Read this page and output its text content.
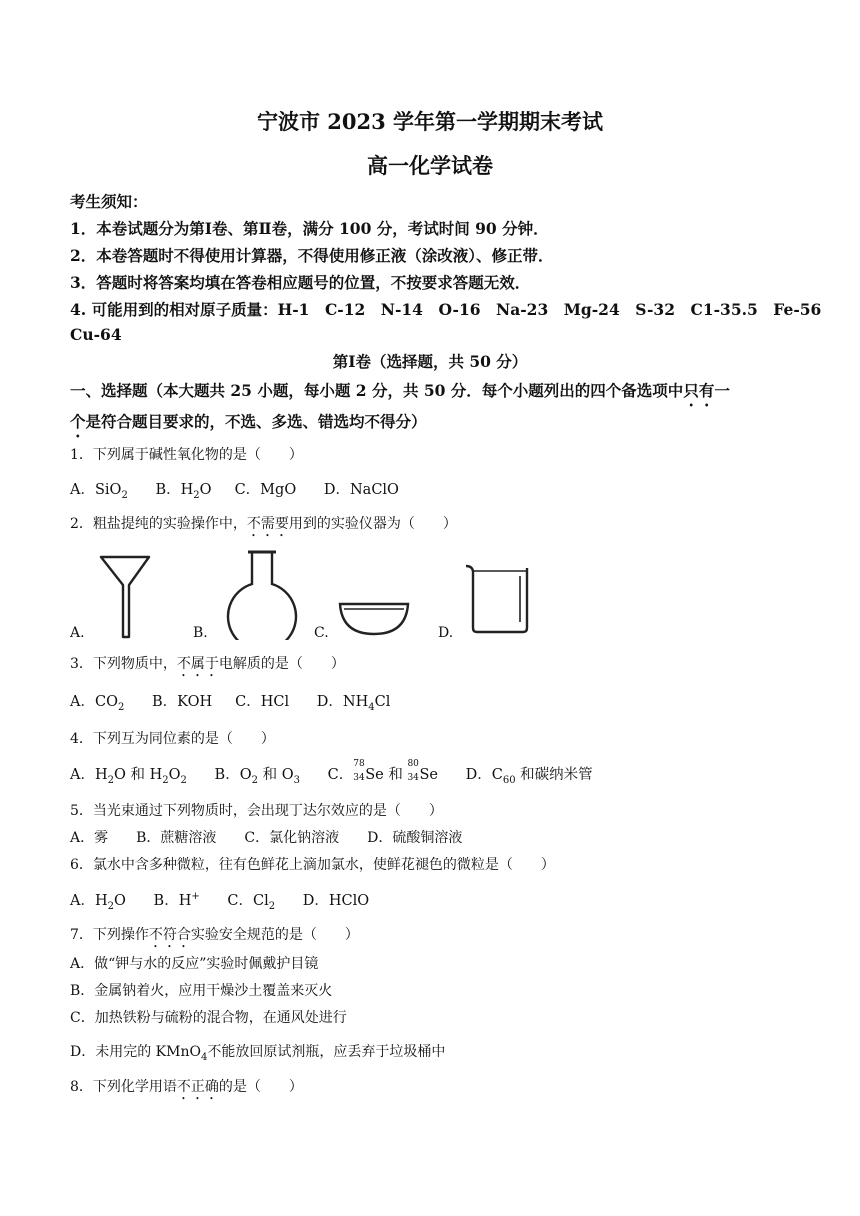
宁波市 2023 学年第一学期期末考试
高一化学试卷
考生须知：
1．本卷试题分为第Ⅰ卷、第Ⅱ卷，满分 100 分，考试时间 90 分钟．
2．本卷答题时不得使用计算器，不得使用修正液（涂改液）、修正带．
3．答题时将答案均填在答卷相应题号的位置，不按要求答题无效．
4. 可能用到的相对原子质量：H-1　C-12　N-14　O-16　Na-23　Mg-24　S-32　C1-35.5　Fe-56
Cu-64
第Ⅰ卷（选择题，共 50 分）
一、选择题（本大题共 25 小题，每小题 2 分，共 50 分．每个小题列出的四个备选项中只有一
个是符合题目要求的，不选、多选、错选均不得分）
1．下列属于碱性氧化物的是（　　）
A．SiO$_2$      B．$H_2O$     C．MgO      D．NaClO
2．粗盐提纯的实验操作中，不需要用到的实验仪器为（　　）
A.	B.	C.	D.
3．下列物质中，不属于电解质的是（　　）
A．$CO_2$      B．KOH     C．HCl      D．$NH_4Cl$
4．下列互为同位素的是（　　）
A．$H_2O$ 和 $H_2O_2$      B．$O_2$ 和 $O_3$      C．
78
34 Se 和
80
34 Se      D．$C_{60}$ 和碳纳米管
5．当光束通过下列物质时，会出现丁达尔效应的是（　　）
A．雾　　B．蔗糖溶液　　C．氯化钠溶液　　D．硫酸铜溶液
6．氯水中含多种微粒，往有色鲜花上滴加氯水，使鲜花褪色的微粒是（　　）
A．$H_2O$      B．H+      C．$Cl_2$      D．HClO
7．下列操作不符合实验安全规范的是（　　）
A．做“钾与水的反应”实验时佩戴护目镜
B．金属钠着火，应用干燥沙土覆盖来灭火
C．加热铁粉与硫粉的混合物，在通风处进行
D．未用完的 KMnO$_4$不能放回原试剂瓶，应丢弃于垃圾桶中
8．下列化学用语不正确的是（　　）
